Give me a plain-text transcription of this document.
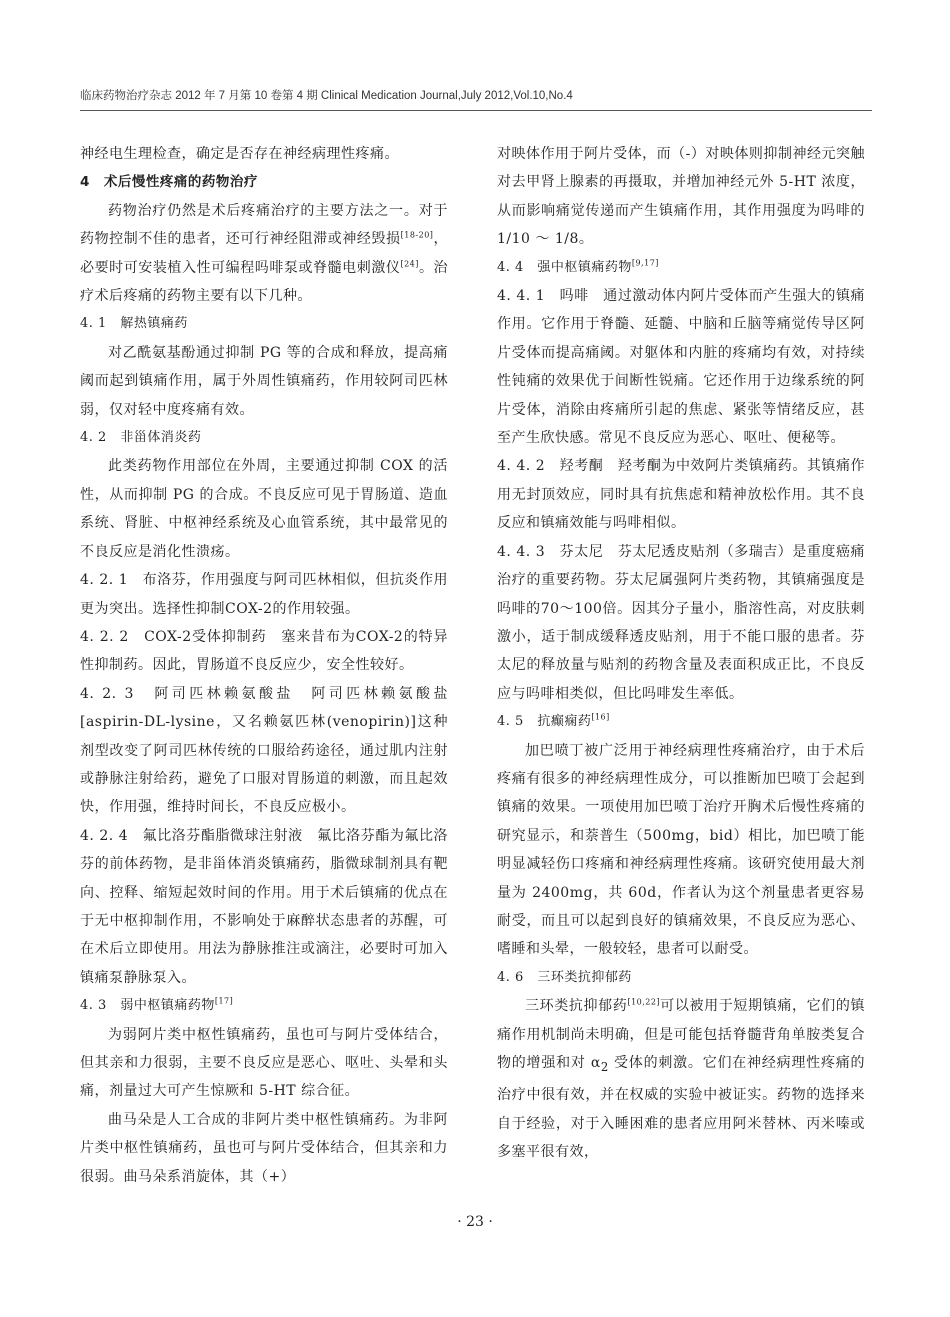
临床药物治疗杂志 2012 年 7 月第 10 卷第 4 期 Clinical Medication Journal,July 2012,Vol.10,No.4

神经电生理检查，确定是否存在神经病理性疼痛。

4　术后慢性疼痛的药物治疗

药物治疗仍然是术后疼痛治疗的主要方法之一。对于药物控制不佳的患者，还可行神经阻滞或神经毁损[18-20]，必要时可安装植入性可编程吗啡泵或脊髓电刺激仪[24]。治疗术后疼痛的药物主要有以下几种。

4. 1　 解热镇痛药

对乙酰氨基酚通过抑制 PG 等的合成和释放，提高痛阈而起到镇痛作用，属于外周性镇痛药，作用较阿司匹林弱，仅对轻中度疼痛有效。

4. 2　 非甾体消炎药

此类药物作用部位在外周，主要通过抑制 COX 的活性，从而抑制 PG 的合成。不良反应可见于胃肠道、造血系统、肾脏、中枢神经系统及心血管系统，其中最常见的不良反应是消化性溃疡。

4. 2. 1　布洛芬，作用强度与阿司匹林相似，但抗炎作用更为突出。选择性抑制COX-2的作用较强。

4. 2. 2　COX-2受体抑制药　塞来昔布为COX-2的特异性抑制药。因此，胃肠道不良反应少，安全性较好。

4. 2. 3　阿司匹林赖氨酸盐　阿司匹林赖氨酸盐[aspirin-DL-lysine，又名赖氨匹林(venopirin)]这种剂型改变了阿司匹林传统的口服给药途径，通过肌内注射或静脉注射给药，避免了口服对胃肠道的刺激，而且起效快，作用强，维持时间长，不良反应极小。

4. 2. 4　氟比洛芬酯脂微球注射液　氟比洛芬酯为氟比洛芬的前体药物，是非甾体消炎镇痛药，脂微球制剂具有靶向、控释、缩短起效时间的作用。用于术后镇痛的优点在于无中枢抑制作用，不影响处于麻醉状态患者的苏醒，可在术后立即使用。用法为静脉推注或滴注，必要时可加入镇痛泵静脉泵入。

4. 3　 弱中枢镇痛药物[17]

为弱阿片类中枢性镇痛药，虽也可与阿片受体结合，但其亲和力很弱，主要不良反应是恶心、呕吐、头晕和头痛，剂量过大可产生惊厥和 5-HT 综合征。

曲马朵是人工合成的非阿片类中枢性镇痛药。为非阿片类中枢性镇痛药，虽也可与阿片受体结合，但其亲和力很弱。曲马朵系消旋体，其（+）

对映体作用于阿片受体，而（-）对映体则抑制神经元突触对去甲肾上腺素的再摄取，并增加神经元外 5-HT 浓度，从而影响痛觉传递而产生镇痛作用，其作用强度为吗啡的 1/10 ～ 1/8。

4. 4　 强中枢镇痛药物[9,17]

4. 4. 1　吗啡　通过激动体内阿片受体而产生强大的镇痛作用。它作用于脊髓、延髓、中脑和丘脑等痛觉传导区阿片受体而提高痛阈。对躯体和内脏的疼痛均有效，对持续性钝痛的效果优于间断性锐痛。它还作用于边缘系统的阿片受体，消除由疼痛所引起的焦虑、紧张等情绪反应，甚至产生欣快感。常见不良反应为恶心、呕吐、便秘等。

4. 4. 2　羟考酮　羟考酮为中效阿片类镇痛药。其镇痛作用无封顶效应，同时具有抗焦虑和精神放松作用。其不良反应和镇痛效能与吗啡相似。

4. 4. 3　芬太尼　芬太尼透皮贴剂（多瑞吉）是重度癌痛治疗的重要药物。芬太尼属强阿片类药物，其镇痛强度是吗啡的70～100倍。因其分子量小，脂溶性高，对皮肤刺激小，适于制成缓释透皮贴剂，用于不能口服的患者。芬太尼的释放量与贴剂的药物含量及表面积成正比，不良反应与吗啡相类似，但比吗啡发生率低。

4. 5　 抗癫痫药[16]

加巴喷丁被广泛用于神经病理性疼痛治疗，由于术后疼痛有很多的神经病理性成分，可以推断加巴喷丁会起到镇痛的效果。一项使用加巴喷丁治疗开胸术后慢性疼痛的研究显示，和萘普生（500mg，bid）相比，加巴喷丁能明显减轻伤口疼痛和神经病理性疼痛。该研究使用最大剂量为 2400mg，共 60d，作者认为这个剂量患者更容易耐受，而且可以起到良好的镇痛效果，不良反应为恶心、嗜睡和头晕，一般较轻，患者可以耐受。

4. 6　 三环类抗抑郁药

三环类抗抑郁药[10,22]可以被用于短期镇痛，它们的镇痛作用机制尚未明确，但是可能包括脊髓背角单胺类复合物的增强和对 $\alpha_2$ 受体的刺激。它们在神经病理性疼痛的治疗中很有效，并在权威的实验中被证实。药物的选择来自于经验，对于入睡困难的患者应用阿米替林、丙米嗪或多塞平很有效，

· 23 ·
